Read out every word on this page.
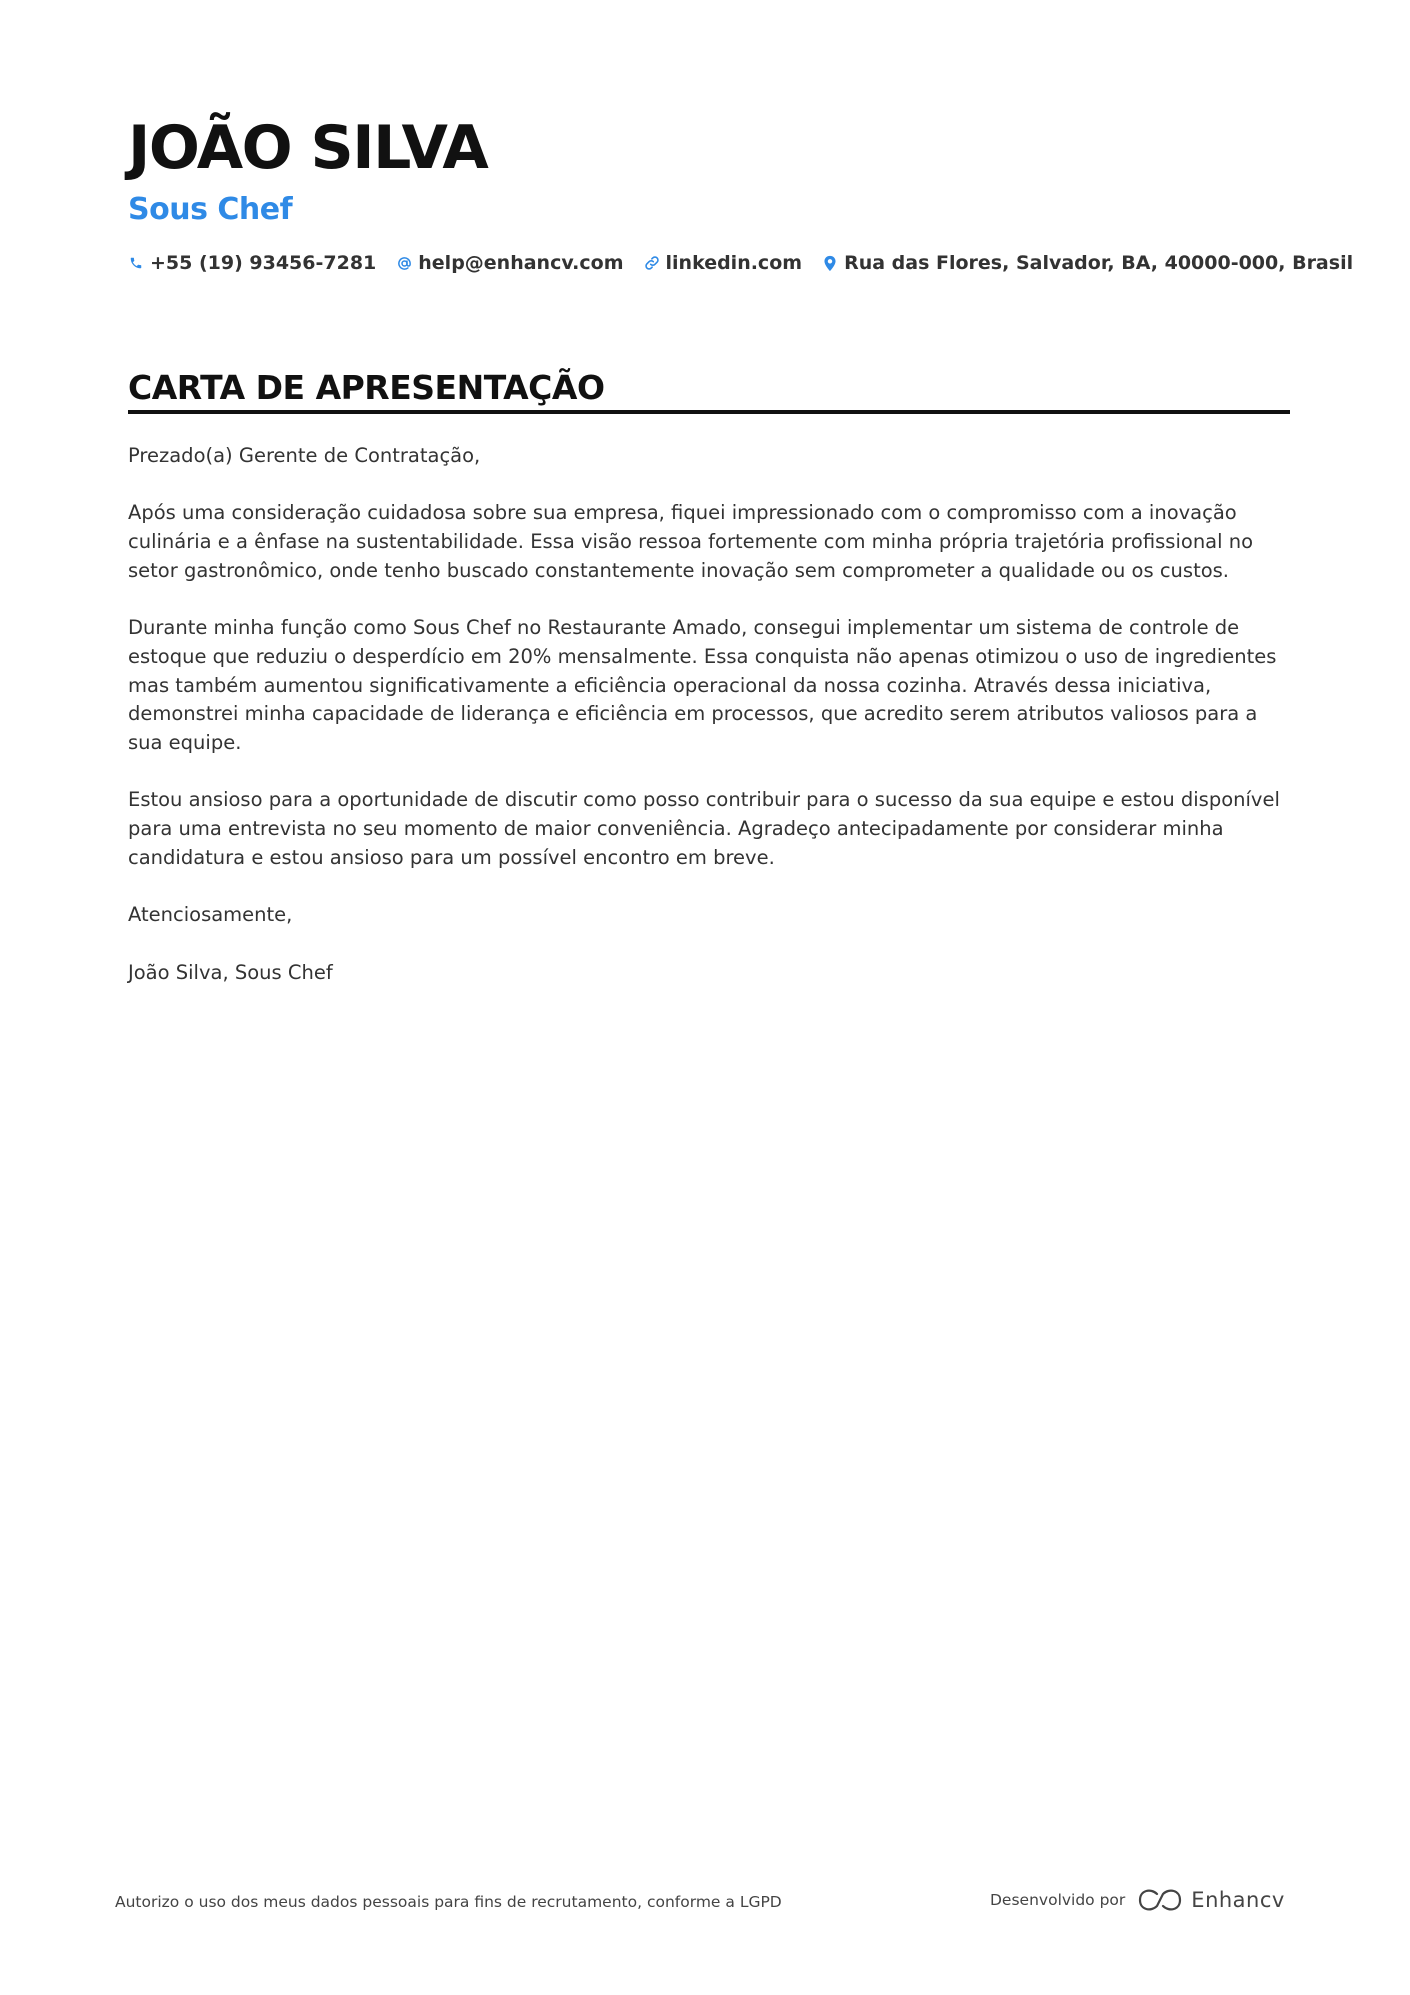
JOÃO SILVA
Sous Chef
+55 (19) 93456-7281 help@enhancv.com linkedin.com Rua das Flores, Salvador, BA, 40000-000, Brasil
CARTA DE APRESENTAÇÃO

Prezado(a) Gerente de Contratação,

Após uma consideração cuidadosa sobre sua empresa, fiquei impressionado com o compromisso com a inovação culinária e a ênfase na sustentabilidade. Essa visão ressoa fortemente com minha própria trajetória profissional no setor gastronômico, onde tenho buscado constantemente inovação sem comprometer a qualidade ou os custos.

Durante minha função como Sous Chef no Restaurante Amado, consegui implementar um sistema de controle de estoque que reduziu o desperdício em 20% mensalmente. Essa conquista não apenas otimizou o uso de ingredientes mas também aumentou significativamente a eficiência operacional da nossa cozinha. Através dessa iniciativa, demonstrei minha capacidade de liderança e eficiência em processos, que acredito serem atributos valiosos para a sua equipe.

Estou ansioso para a oportunidade de discutir como posso contribuir para o sucesso da sua equipe e estou disponível para uma entrevista no seu momento de maior conveniência. Agradeço antecipadamente por considerar minha candidatura e estou ansioso para um possível encontro em breve.

Atenciosamente,

João Silva, Sous Chef

Autorizo o uso dos meus dados pessoais para fins de recrutamento, conforme a LGPD	Desenvolvido por	Enhancv
